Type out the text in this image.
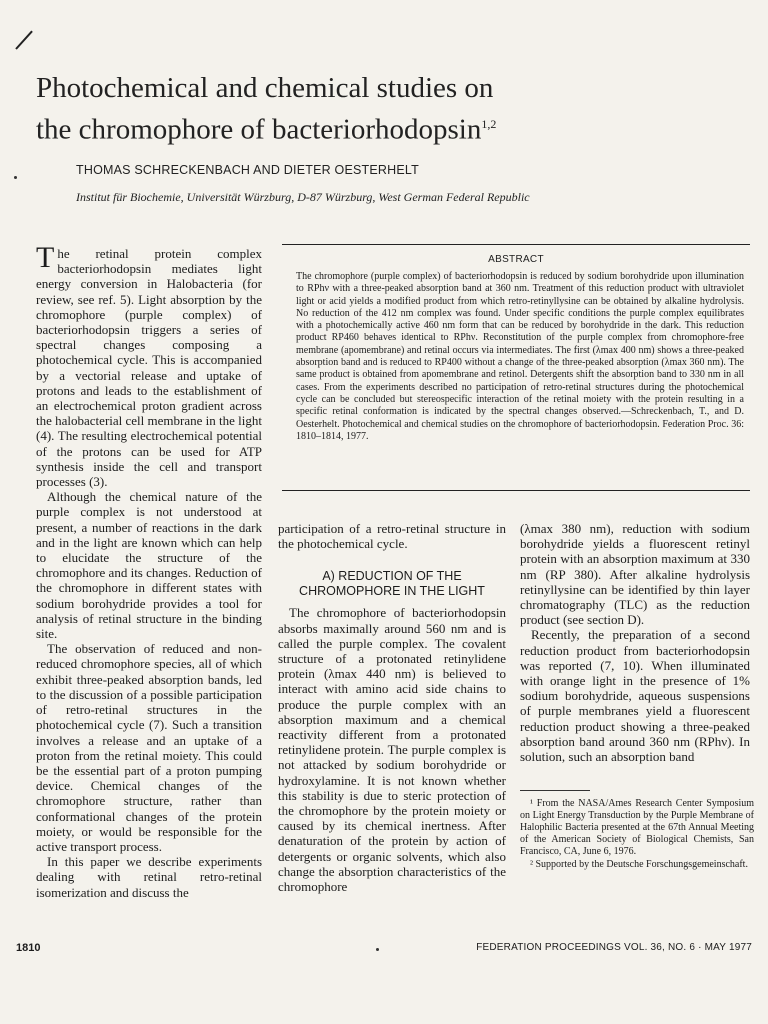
Photochemical and chemical studies on
the chromophore of bacteriorhodopsin$^{1,2}$
THOMAS SCHRECKENBACH AND DIETER OESTERHELT
Institut für Biochemie, Universität Würzburg, D-87 Würzburg, West German Federal Republic

The retinal protein complex bacteriorhodopsin mediates light energy conversion in Halobacteria (for review, see ref. 5). Light absorption by the chromophore (purple complex) of bacteriorhodopsin triggers a series of spectral changes composing a photochemical cycle. This is accompanied by a vectorial release and uptake of protons and leads to the establishment of an electrochemical proton gradient across the halobacterial cell membrane in the light (4). The resulting electrochemical potential of the protons can be used for ATP synthesis inside the cell and transport processes (3).

Although the chemical nature of the purple complex is not understood at present, a number of reactions in the dark and in the light are known which can help to elucidate the structure of the chromophore and its changes. Reduction of the chromophore in different states with sodium borohydride provides a tool for analysis of retinal structure in the binding site.

The observation of reduced and non-reduced chromophore species, all of which exhibit three-peaked absorption bands, led to the discussion of a possible participation of retro-retinal structures in the photochemical cycle (7). Such a transition involves a release and an uptake of a proton from the retinal moiety. This could be the essential part of a proton pumping device. Chemical changes of the chromophore structure, rather than conformational changes of the protein moiety, or would be responsible for the active transport process.

In this paper we describe experiments dealing with retinal retro-retinal isomerization and discuss the

ABSTRACT
The chromophore (purple complex) of bacteriorhodopsin is reduced by sodium borohydride upon illumination to RPhν with a three-peaked absorption band at 360 nm. Treatment of this reduction product with ultraviolet light or acid yields a modified product from which retro-retinyllysine can be obtained by alkaline hydrolysis. No reduction of the 412 nm complex was found. Under specific conditions the purple complex equilibrates with a photochemically active 460 nm form that can be reduced by borohydride in the dark. This reduction product RP460 behaves identical to RPhν. Reconstitution of the purple complex from chromophore-free membrane (apomembrane) and retinal occurs via intermediates. The first (λmax 400 nm) shows a three-peaked absorption band and is reduced to RP400 without a change of the three-peaked absorption (λmax 360 nm). The same product is obtained from apomembrane and retinol. Detergents shift the absorption band to 330 nm in all cases. From the experiments described no participation of retro-retinal structures during the photochemical cycle can be concluded but stereospecific interaction of the retinal moiety with the protein resulting in a specific retinal conformation is indicated by the spectral changes observed.—Schreckenbach, T., and D. Oesterhelt. Photochemical and chemical studies on the chromophore of bacteriorhodopsin. Federation Proc. 36: 1810–1814, 1977.

participation of a retro-retinal structure in the photochemical cycle.

A) REDUCTION OF THE CHROMOPHORE IN THE LIGHT

The chromophore of bacteriorhodopsin absorbs maximally around 560 nm and is called the purple complex. The covalent structure of a protonated retinylidene protein (λmax 440 nm) is believed to interact with amino acid side chains to produce the purple complex with an absorption maximum and a chemical reactivity different from a protonated retinylidene protein. The purple complex is not attacked by sodium borohydride or hydroxylamine. It is not known whether this stability is due to steric protection of the chromophore by the protein moiety or caused by its chemical inertness. After denaturation of the protein by action of detergents or organic solvents, which also change the absorption characteristics of the chromophore

(λmax 380 nm), reduction with sodium borohydride yields a fluorescent retinyl protein with an absorption maximum at 330 nm (RP 380). After alkaline hydrolysis retinyllysine can be identified by thin layer chromatography (TLC) as the reduction product (see section D).

Recently, the preparation of a second reduction product from bacteriorhodopsin was reported (7, 10). When illuminated with orange light in the presence of 1% sodium borohydride, aqueous suspensions of purple membranes yield a fluorescent reduction product showing a three-peaked absorption band around 360 nm (RPhν). In solution, such an absorption band

¹ From the NASA/Ames Research Center Symposium on Light Energy Transduction by the Purple Membrane of Halophilic Bacteria presented at the 67th Annual Meeting of the American Society of Biological Chemists, San Francisco, CA, June 6, 1976.

² Supported by the Deutsche Forschungsgemeinschaft.

1810	FEDERATION PROCEEDINGS VOL. 36, NO. 6 · MAY 1977
